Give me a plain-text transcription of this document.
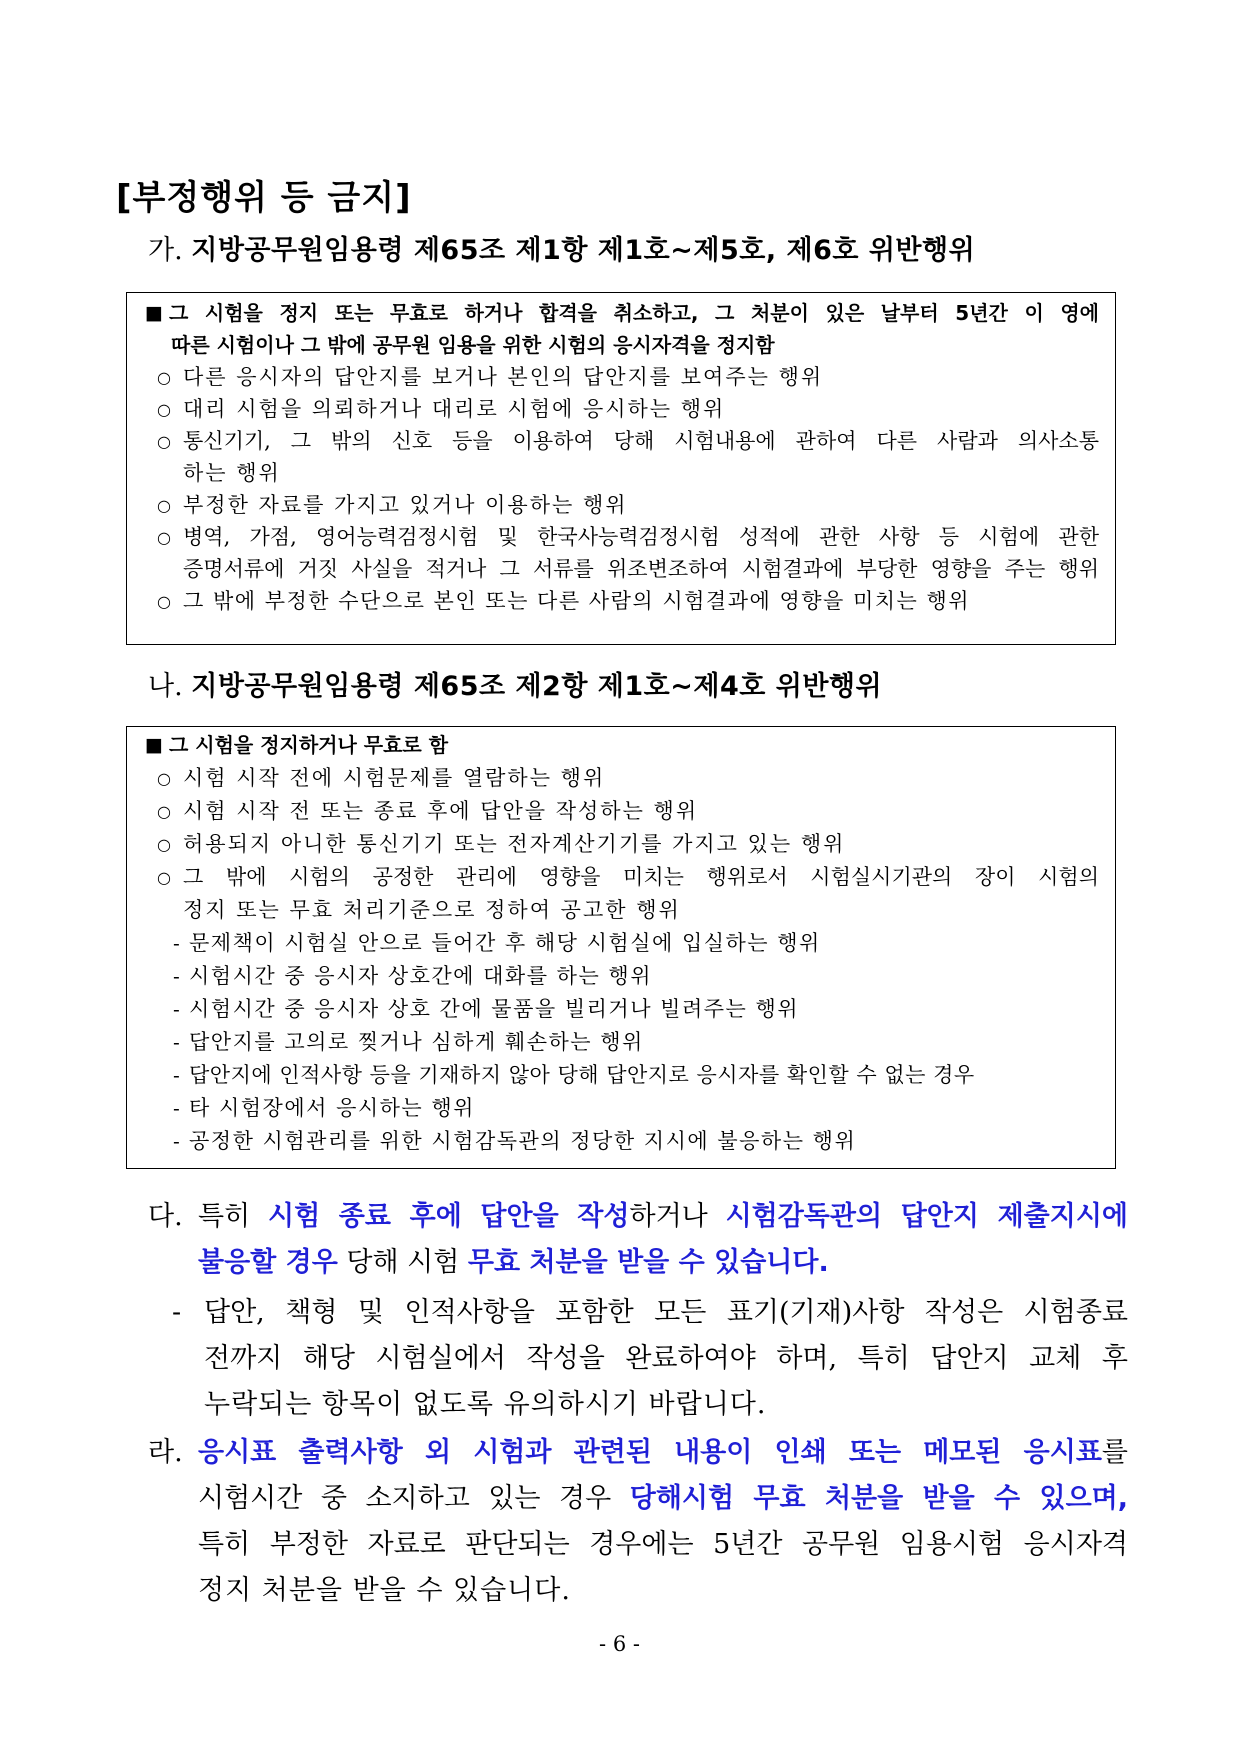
[부정행위 등 금지]
가. 지방공무원임용령 제65조 제1항 제1호~제5호, 제6호 위반행위
■ 그 시험을 정지 또는 무효로 하거나 합격을 취소하고, 그 처분이 있은 날부터 5년간 이 영에
따른 시험이나 그 밖에 공무원 임용을 위한 시험의 응시자격을 정지함
○ 다른 응시자의 답안지를 보거나 본인의 답안지를 보여주는 행위
○ 대리 시험을 의뢰하거나 대리로 시험에 응시하는 행위
○ 통신기기, 그 밖의 신호 등을 이용하여 당해 시험내용에 관하여 다른 사람과 의사소통
하는 행위
○ 부정한 자료를 가지고 있거나 이용하는 행위
○ 병역, 가점, 영어능력검정시험 및 한국사능력검정시험 성적에 관한 사항 등 시험에 관한
증명서류에 거짓 사실을 적거나 그 서류를 위조변조하여 시험결과에 부당한 영향을 주는 행위
○ 그 밖에 부정한 수단으로 본인 또는 다른 사람의 시험결과에 영향을 미치는 행위
나. 지방공무원임용령 제65조 제2항 제1호~제4호 위반행위
■ 그 시험을 정지하거나 무효로 함
○ 시험 시작 전에 시험문제를 열람하는 행위
○ 시험 시작 전 또는 종료 후에 답안을 작성하는 행위
○ 허용되지 아니한 통신기기 또는 전자계산기기를 가지고 있는 행위
○ 그 밖에 시험의 공정한 관리에 영향을 미치는 행위로서 시험실시기관의 장이 시험의
정지 또는 무효 처리기준으로 정하여 공고한 행위
- 문제책이 시험실 안으로 들어간 후 해당 시험실에 입실하는 행위
- 시험시간 중 응시자 상호간에 대화를 하는 행위
- 시험시간 중 응시자 상호 간에 물품을 빌리거나 빌려주는 행위
- 답안지를 고의로 찢거나 심하게 훼손하는 행위
- 답안지에 인적사항 등을 기재하지 않아 당해 답안지로 응시자를 확인할 수 없는 경우
- 타 시험장에서 응시하는 행위
- 공정한 시험관리를 위한 시험감독관의 정당한 지시에 불응하는 행위
다. 특히 시험 종료 후에 답안을 작성하거나 시험감독관의 답안지 제출지시에
불응할 경우 당해 시험 무효 처분을 받을 수 있습니다.
- 답안, 책형 및 인적사항을 포함한 모든 표기(기재)사항 작성은 시험종료
전까지 해당 시험실에서 작성을 완료하여야 하며, 특히 답안지 교체 후
누락되는 항목이 없도록 유의하시기 바랍니다.
라. 응시표 출력사항 외 시험과 관련된 내용이 인쇄 또는 메모된 응시표를
시험시간 중 소지하고 있는 경우 당해시험 무효 처분을 받을 수 있으며,
특히 부정한 자료로 판단되는 경우에는 5년간 공무원 임용시험 응시자격
정지 처분을 받을 수 있습니다.
- 6 -
